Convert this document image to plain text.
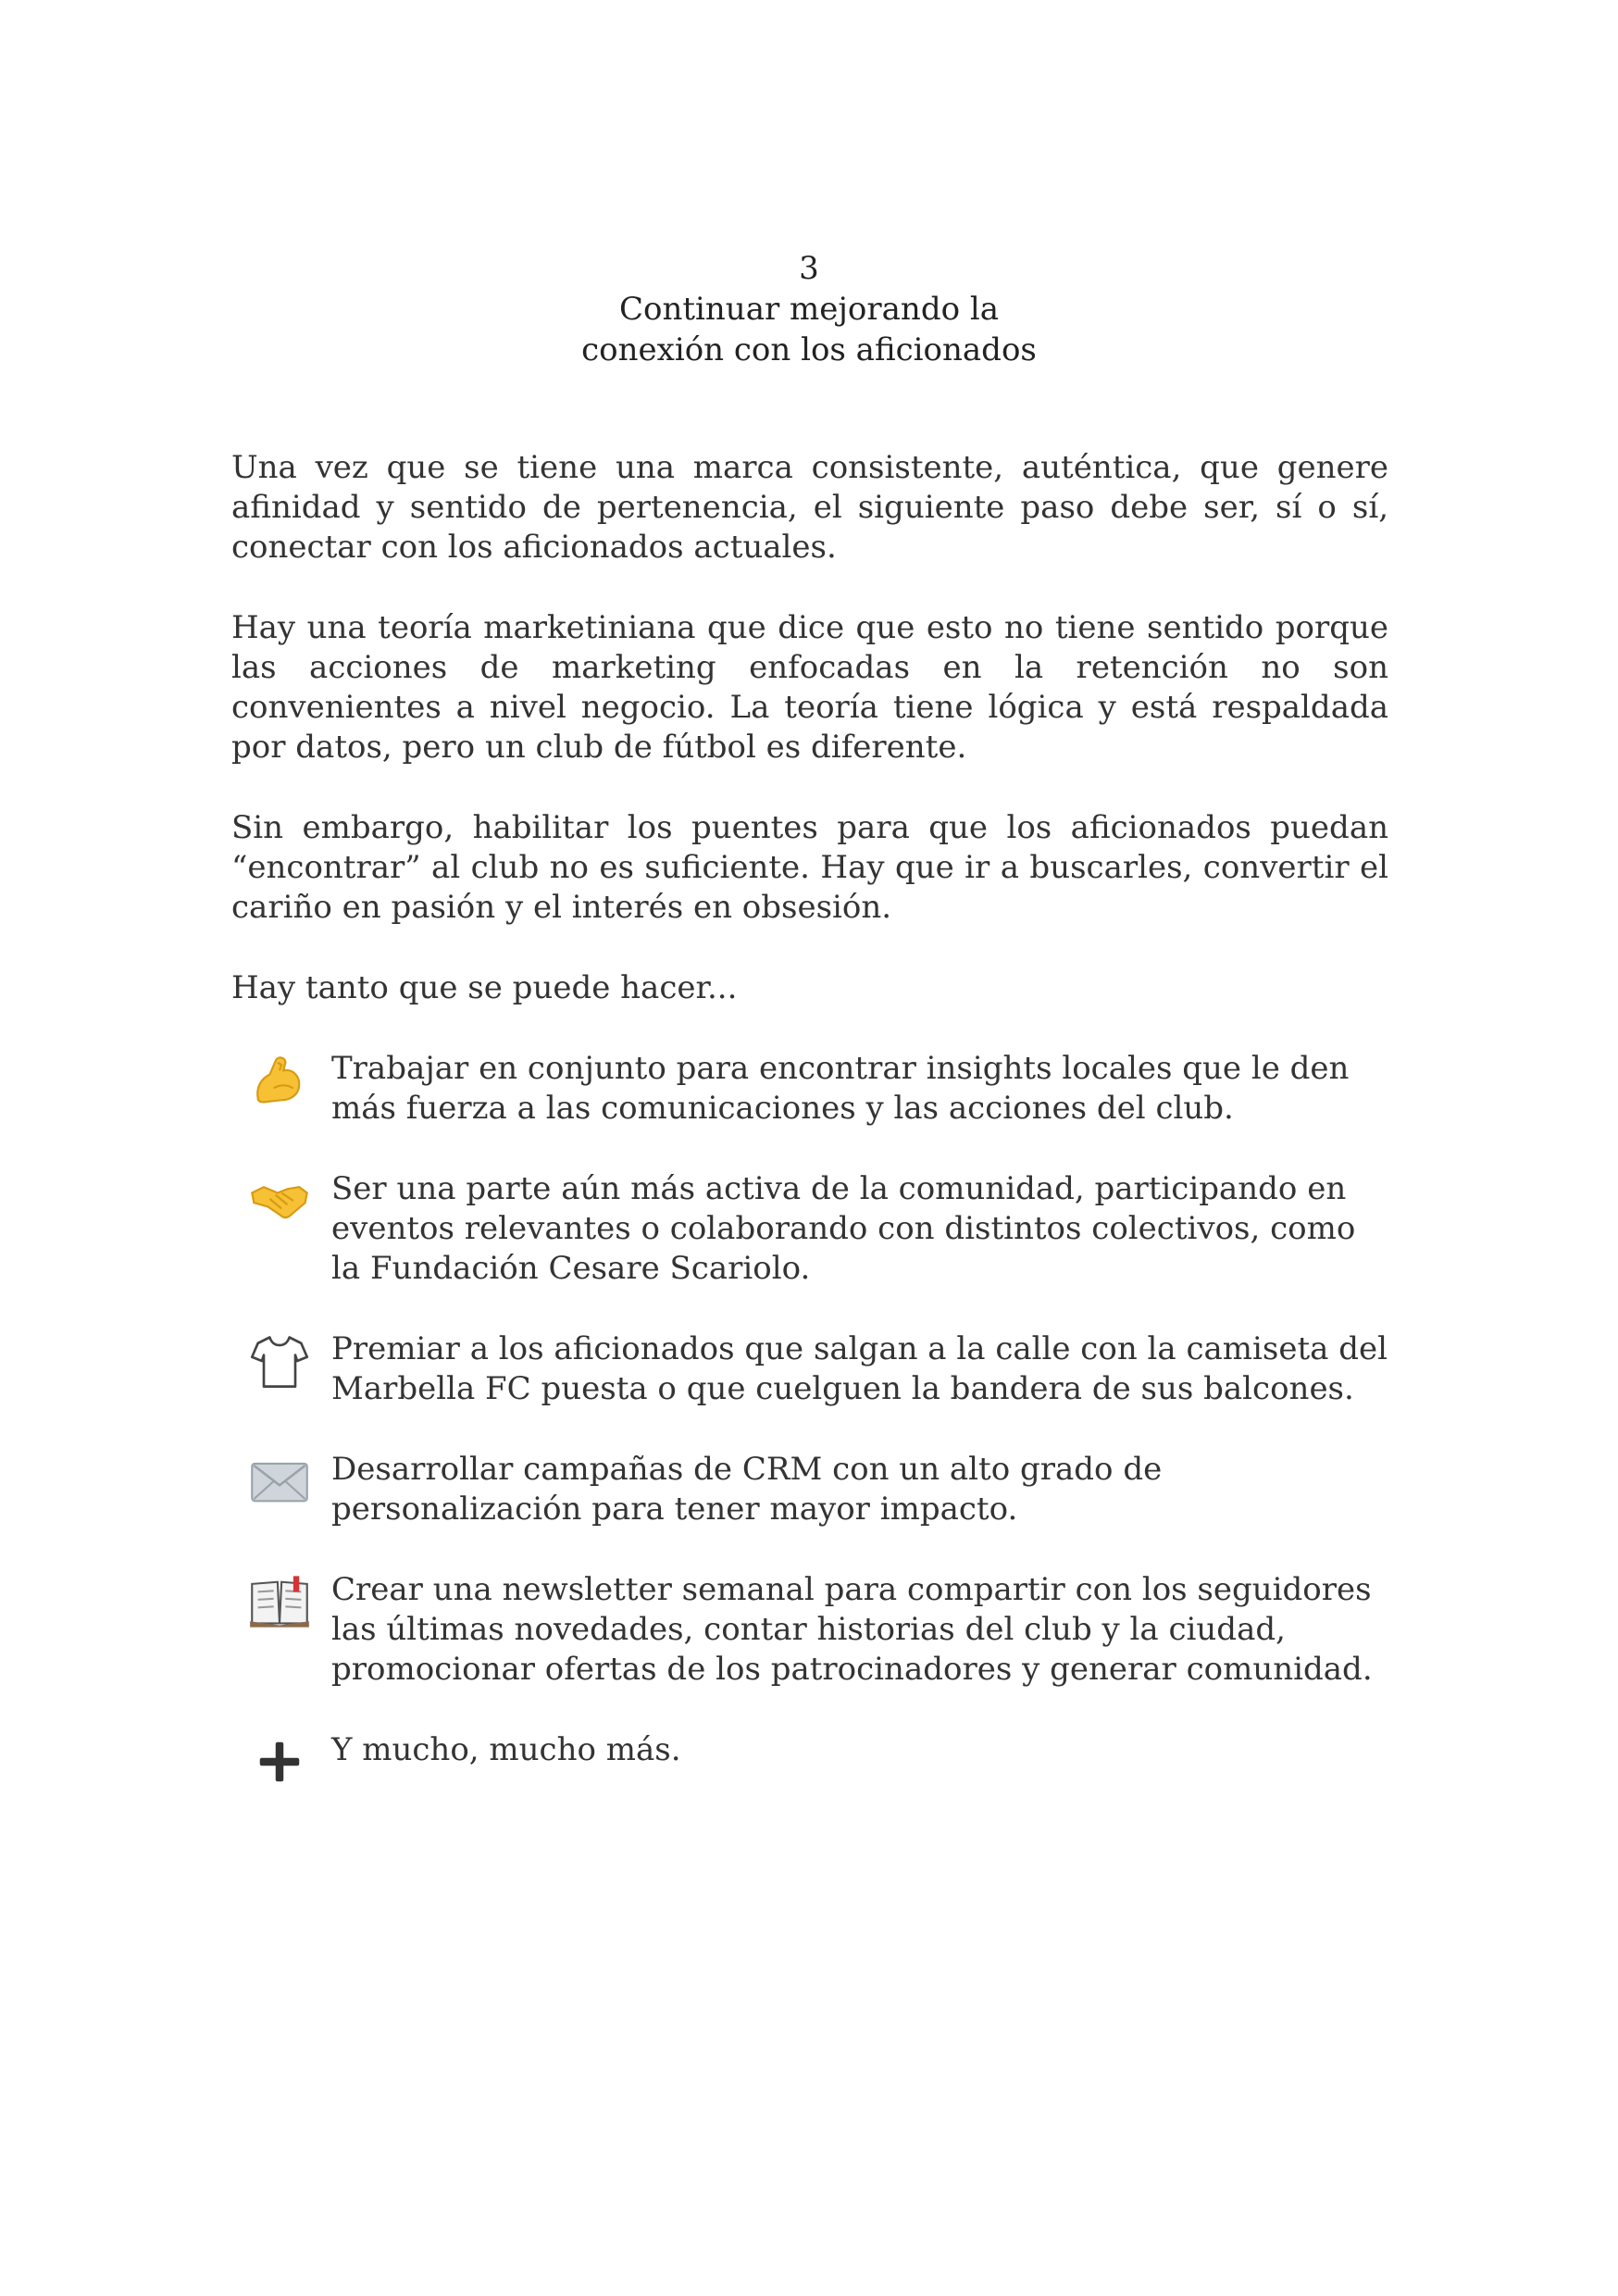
3
Continuar mejorando la
conexión con los aficionados

Una vez que se tiene una marca consistente, auténtica, que genere afinidad y sentido de pertenencia, el siguiente paso debe ser, sí o sí, conectar con los aficionados actuales.

Hay una teoría marketiniana que dice que esto no tiene sentido porque las acciones de marketing enfocadas en la retención no son convenientes a nivel negocio. La teoría tiene lógica y está respaldada por datos, pero un club de fútbol es diferente.

Sin embargo, habilitar los puentes para que los aficionados puedan “encontrar” al club no es suficiente. Hay que ir a buscarles, convertir el cariño en pasión y el interés en obsesión.

Hay tanto que se puede hacer...

Trabajar en conjunto para encontrar insights locales que le den más fuerza a las comunicaciones y las acciones del club.
Ser una parte aún más activa de la comunidad, participando en eventos relevantes o colaborando con distintos colectivos, como la Fundación Cesare Scariolo.
Premiar a los aficionados que salgan a la calle con la camiseta del Marbella FC puesta o que cuelguen la bandera de sus balcones.
Desarrollar campañas de CRM con un alto grado de personalización para tener mayor impacto.
Crear una newsletter semanal para compartir con los seguidores las últimas novedades, contar historias del club y la ciudad, promocionar ofertas de los patrocinadores y generar comunidad.
Y mucho, mucho más.
